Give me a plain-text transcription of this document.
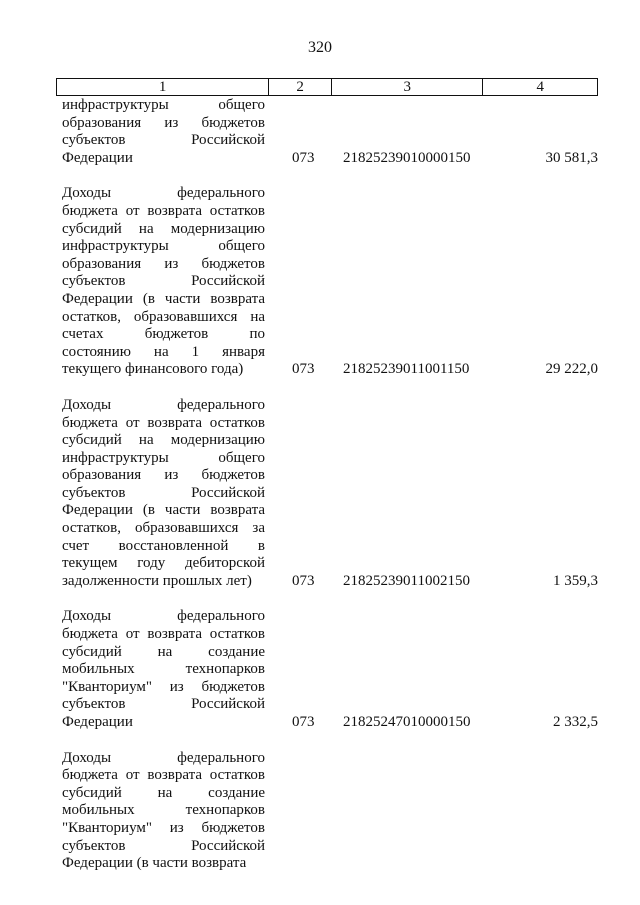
320
1	2	3	4
инфраструктуры общего
образования из бюджетов
субъектов Российской
Федерации	073 21825239010000150	30 581,3
Доходы федерального
бюджета от возврата остатков
субсидий на модернизацию
инфраструктуры общего
образования из бюджетов
субъектов Российской
Федерации (в части возврата
остатков, образовавшихся на
счетах бюджетов по
состоянию на 1 января
текущего финансового года)	073 21825239011001150	29 222,0
Доходы федерального
бюджета от возврата остатков
субсидий на модернизацию
инфраструктуры общего
образования из бюджетов
субъектов Российской
Федерации (в части возврата
остатков, образовавшихся за
счет восстановленной в
текущем году дебиторской
задолженности прошлых лет)	073 21825239011002150	1 359,3
Доходы федерального
бюджета от возврата остатков
субсидий на создание
мобильных технопарков
"Кванториум" из бюджетов
субъектов Российской
Федерации	073 21825247010000150	2 332,5
Доходы федерального
бюджета от возврата остатков
субсидий на создание
мобильных технопарков
"Кванториум" из бюджетов
субъектов Российской
Федерации (в части возврата
